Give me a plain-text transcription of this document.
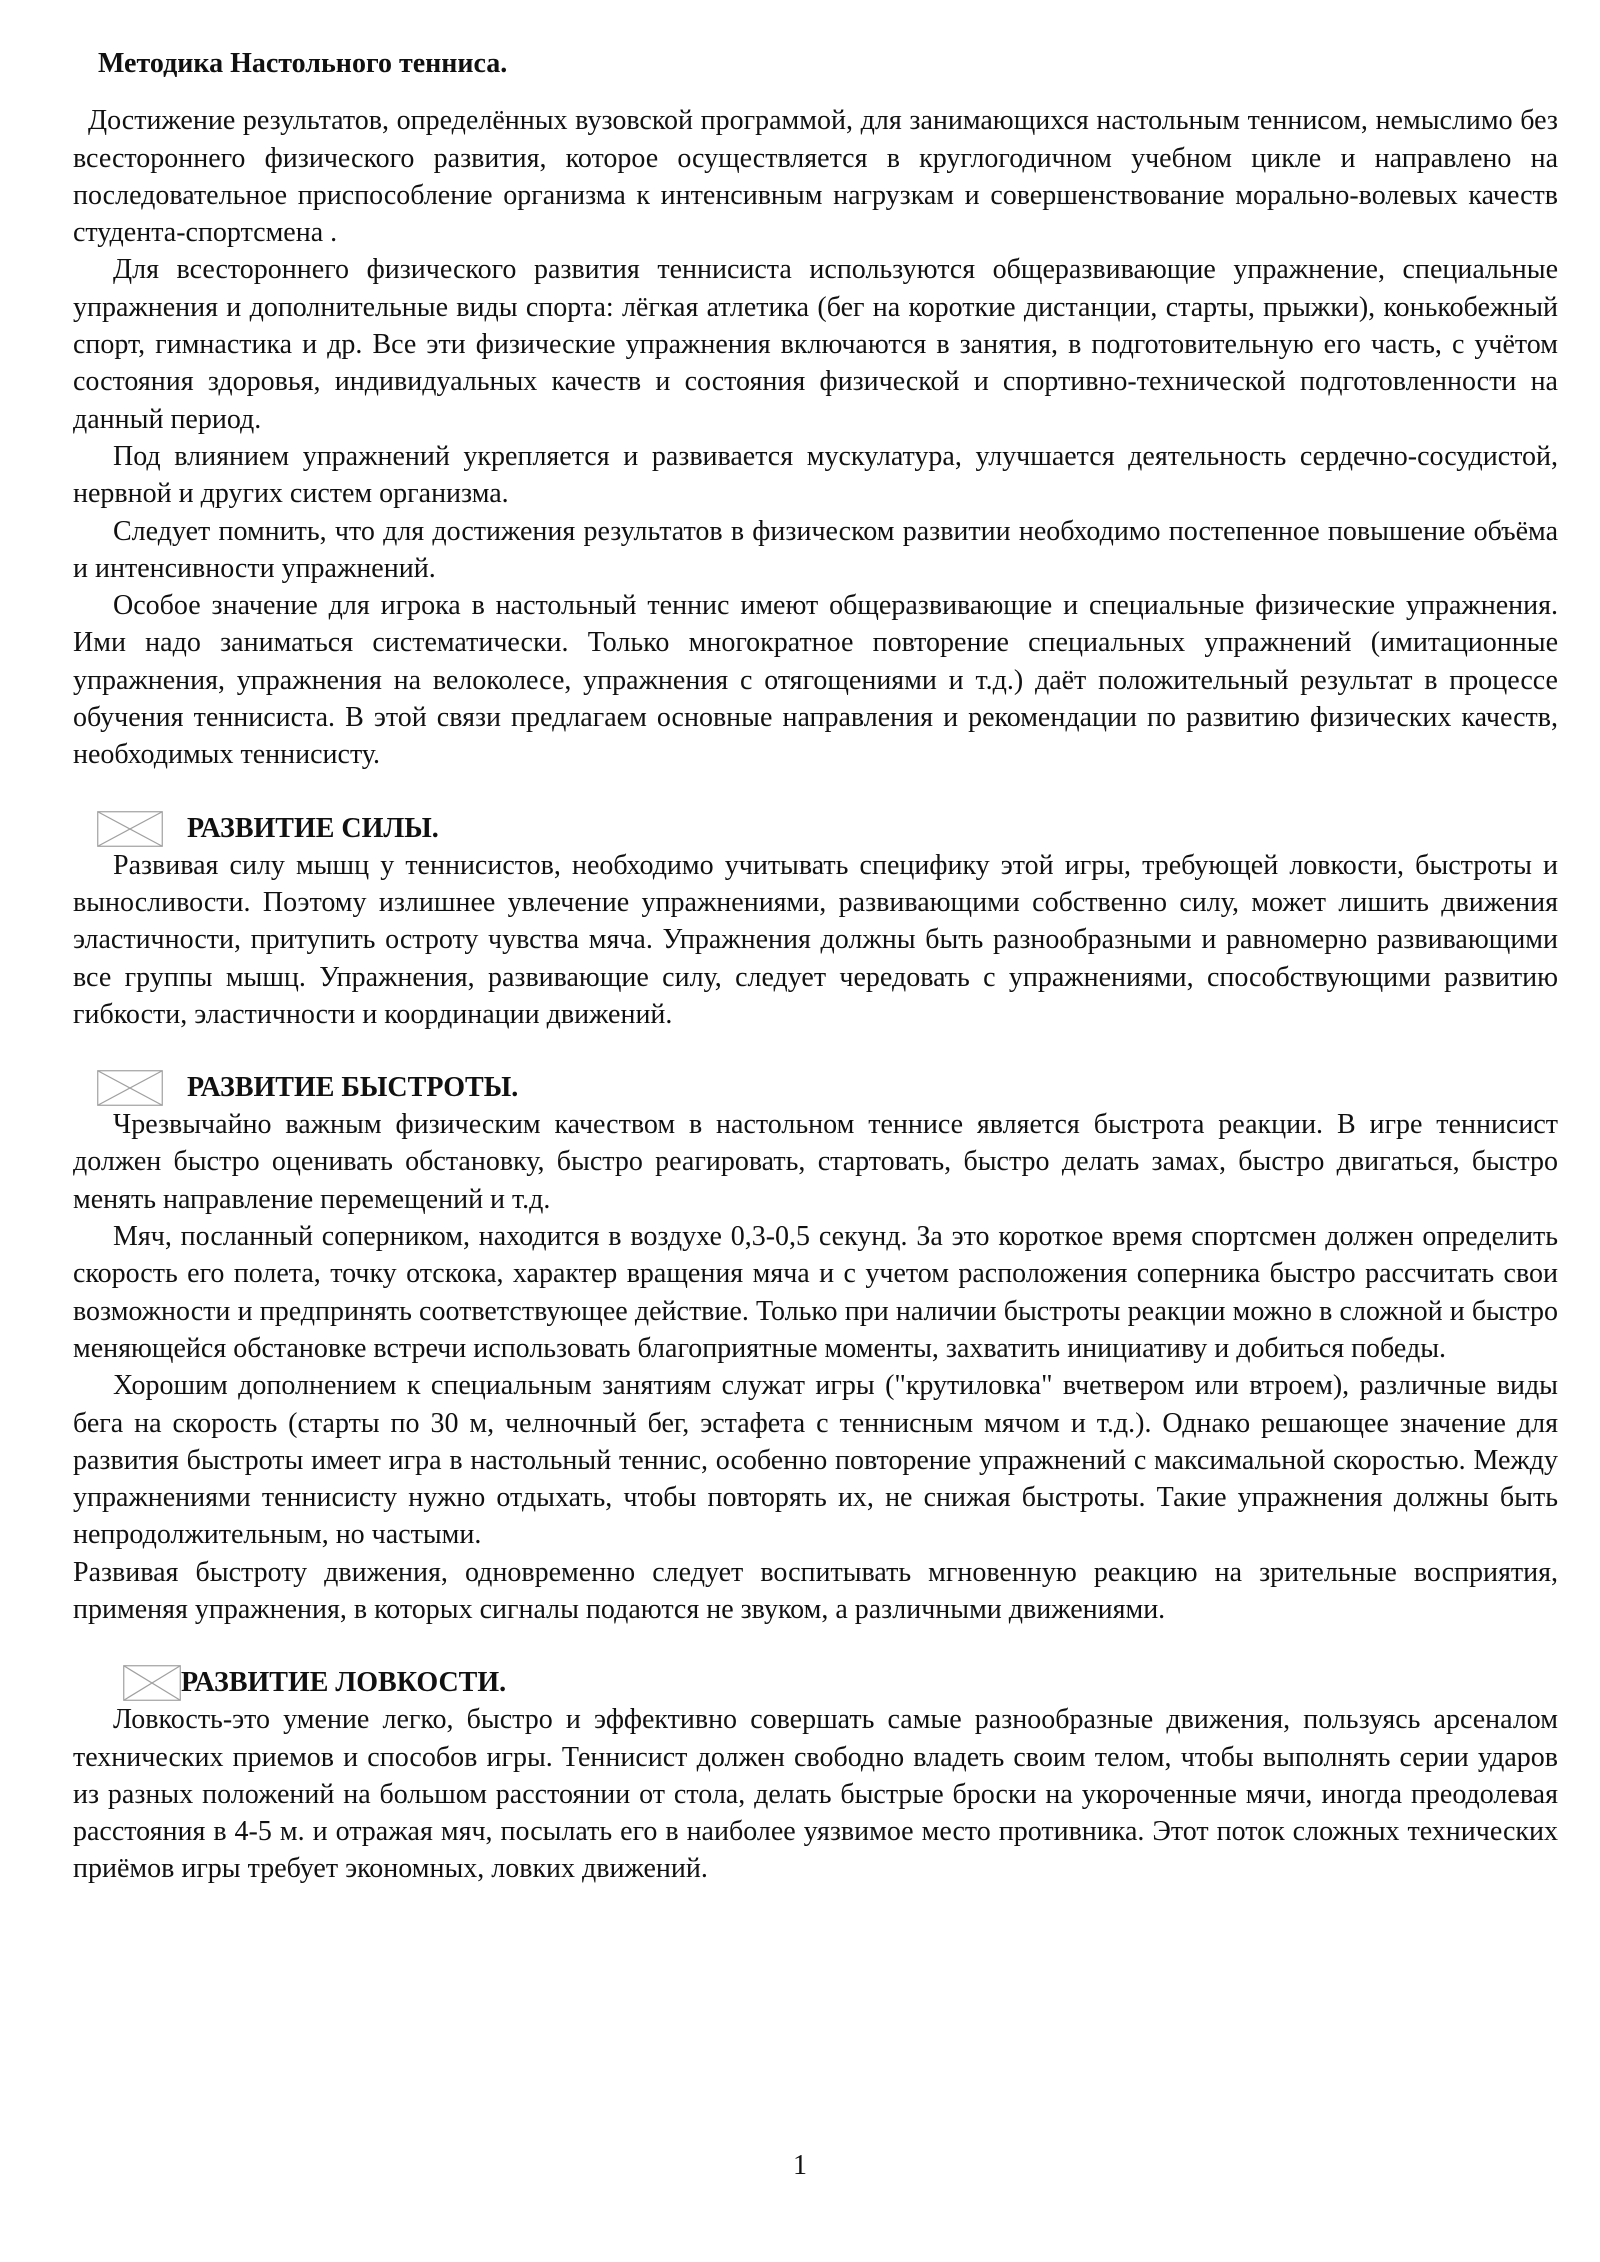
Методика Настольного тенниса.

Достижение результатов, определённых вузовской программой, для занимающихся настольным теннисом, немыслимо без всестороннего физического развития, которое осуществляется в круглогодичном учебном цикле и направлено на последовательное приспособление организма к интенсивным нагрузкам и совершенствование морально-волевых качеств студента-спортсмена .

Для всестороннего физического развития теннисиста используются общеразвивающие упражнение, специальные упражнения и дополнительные виды спорта: лёгкая атлетика (бег на короткие дистанции, старты, прыжки), конькобежный спорт, гимнастика и др. Все эти физические упражнения включаются в занятия, в подготовительную его часть, с учётом состояния здоровья, индивидуальных качеств и состояния физической и спортивно-технической подготовленности на данный период.

Под влиянием упражнений укрепляется и развивается мускулатура, улучшается деятельность сердечно-сосудистой, нервной и других систем организма.

Следует помнить, что для достижения результатов в физическом развитии необходимо постепенное повышение объёма и интенсивности упражнений.

Особое значение для игрока в настольный теннис имеют общеразвивающие и специальные физические упражнения. Ими надо заниматься систематически. Только многократное повторение специальных упражнений (имитационные упражнения, упражнения на велоколесе, упражнения с отягощениями и т.д.) даёт положительный результат в процессе обучения теннисиста. В этой связи предлагаем основные направления и рекомендации по развитию физических качеств, необходимых теннисисту.

РАЗВИТИЕ СИЛЫ.

Развивая силу мышц у теннисистов, необходимо учитывать специфику этой игры, требующей ловкости, быстроты и выносливости. Поэтому излишнее увлечение упражнениями, развивающими собственно силу, может лишить движения эластичности, притупить остроту чувства мяча. Упражнения должны быть разнообразными и равномерно развивающими все группы мышц. Упражнения, развивающие силу, следует чередовать с упражнениями, способствующими развитию гибкости, эластичности и координации движений.

РАЗВИТИЕ БЫСТРОТЫ.

Чрезвычайно важным физическим качеством в настольном теннисе является быстрота реакции. В игре теннисист должен быстро оценивать обстановку, быстро реагировать, стартовать, быстро делать замах, быстро двигаться, быстро менять направление перемещений и т.д.

Мяч, посланный соперником, находится в воздухе 0,3-0,5 секунд. За это короткое время спортсмен должен определить скорость его полета, точку отскока, характер вращения мяча и с учетом расположения соперника быстро рассчитать свои возможности и предпринять соответствующее действие. Только при наличии быстроты реакции можно в сложной и быстро меняющейся обстановке встречи использовать благоприятные моменты, захватить инициативу и добиться победы.

Хорошим дополнением к специальным занятиям служат игры ("крутиловка" вчетвером или втроем), различные виды бега на скорость (старты по 30 м, челночный бег, эстафета с теннисным мячом и т.д.). Однако решающее значение для развития быстроты имеет игра в настольный теннис, особенно повторение упражнений с максимальной скоростью. Между упражнениями теннисисту нужно отдыхать, чтобы повторять их, не снижая быстроты. Такие упражнения должны быть непродолжительным, но частыми.

Развивая быстроту движения, одновременно следует воспитывать мгновенную реакцию на зрительные восприятия, применяя упражнения, в которых сигналы подаются не звуком, а различными движениями.

РАЗВИТИЕ ЛОВКОСТИ.

Ловкость-это умение легко, быстро и эффективно совершать самые разнообразные движения, пользуясь арсеналом технических приемов и способов игры. Теннисист должен свободно владеть своим телом, чтобы выполнять серии ударов из разных положений на большом расстоянии от стола, делать быстрые броски на укороченные мячи, иногда преодолевая расстояния в 4-5 м. и отражая мяч, посылать его в наиболее уязвимое место противника. Этот поток сложных технических приёмов игры требует экономных, ловких движений.

1
